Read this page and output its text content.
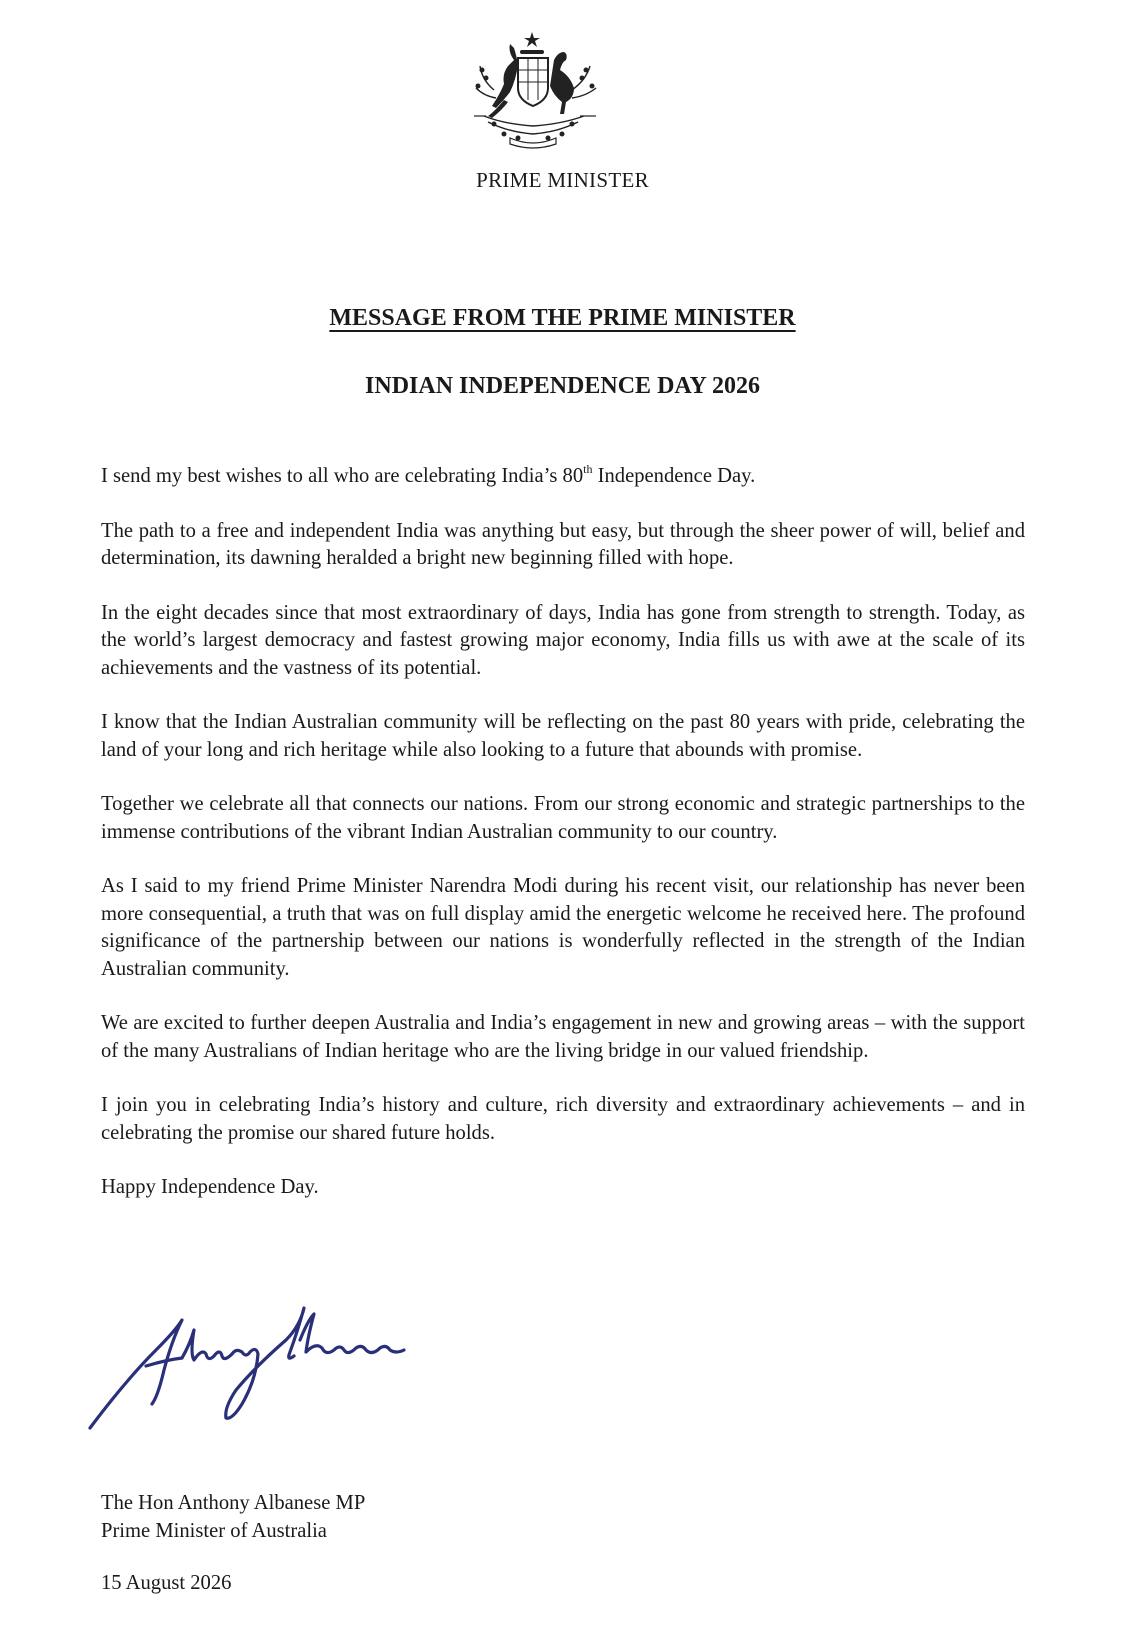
PRIME MINISTER
MESSAGE FROM THE PRIME MINISTER
INDIAN INDEPENDENCE DAY 2026

I send my best wishes to all who are celebrating India’s 80th Independence Day.

The path to a free and independent India was anything but easy, but through the sheer power of will, belief and determination, its dawning heralded a bright new beginning filled with hope.

In the eight decades since that most extraordinary of days, India has gone from strength to strength. Today, as the world’s largest democracy and fastest growing major economy, India fills us with awe at the scale of its achievements and the vastness of its potential.

I know that the Indian Australian community will be reflecting on the past 80 years with pride, celebrating the land of your long and rich heritage while also looking to a future that abounds with promise.

Together we celebrate all that connects our nations. From our strong economic and strategic partnerships to the immense contributions of the vibrant Indian Australian community to our country.

As I said to my friend Prime Minister Narendra Modi during his recent visit, our relationship has never been more consequential, a truth that was on full display amid the energetic welcome he received here. The profound significance of the partnership between our nations is wonderfully reflected in the strength of the Indian Australian community.

We are excited to further deepen Australia and India’s engagement in new and growing areas – with the support of the many Australians of Indian heritage who are the living bridge in our valued friendship.

I join you in celebrating India’s history and culture, rich diversity and extraordinary achievements – and in celebrating the promise our shared future holds.

Happy Independence Day.

The Hon Anthony Albanese MP
Prime Minister of Australia
15 August 2026
